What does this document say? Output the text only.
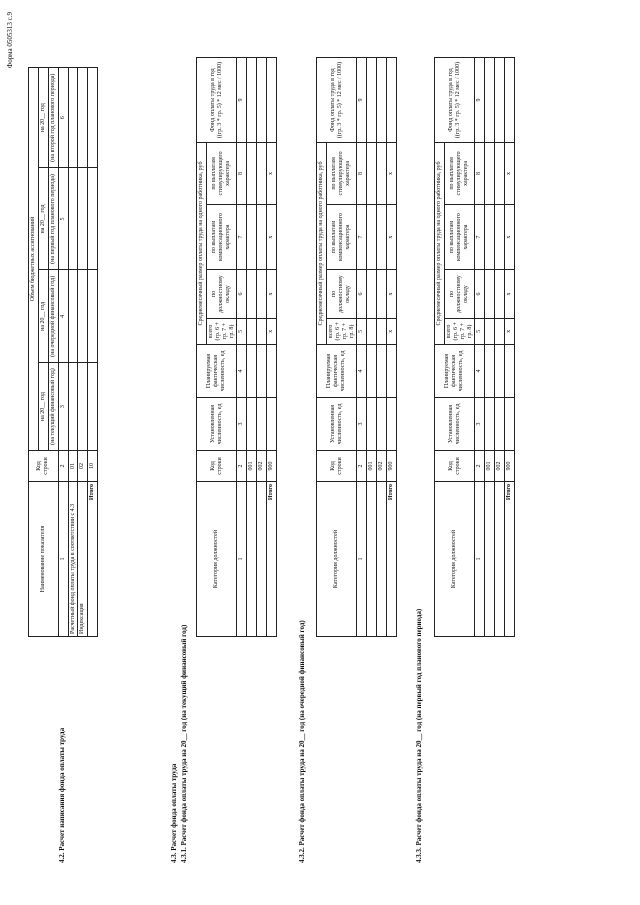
Форма 0505313 с.9
4.2. Расчет написания фонда оплаты труда
Наименование показателя	Код строки	Объем бюджетных ассигнований			
		на 20__ год	на 20__ год	на 20__ год	на 20__ год
		(на текущий финансовый год)	(на очередной финансовый год)	(на первый год планового периода)	(на второй год планового периода)
1	2	3	4	5	6
Расчетный фонд оплаты труда в соответствии с 4.3	01				
Индексация	02				
Итого	10				
4.3. Расчет фонда оплаты труда 4.3.1. Расчет фонда оплаты труда на 20__ год (на текущий финансовый год)
Категория должностей	Код строки	Установленная численность, ед	Планируемая фактическая численность, ед	Среднемесячный размер оплаты труда на одного работника, руб				Фонд оплаты труда в год
((гр. 3 * гр. 5) * 12 мес / 1000)
				всего
(гр. 6 + гр. 7 + гр. 8)	по должностному окладу	по выплатам компенсационного характера	по выплатам стимулирующего характера	
1	2	3	4	5	6	7	8	9
	001							
	002							
Итого	900			x	x	x	x	
4.3.2. Расчет фонда оплаты труда на 20__ год (на очередной финансовый год)
Категория должностей	Код строки	Установленная численность, ед	Планируемая фактическая численность, ед	Среднемесячный размер оплаты труда на одного работника, руб				Фонд оплаты труда в год
((гр. 3 * гр. 5) * 12 мес / 1000)
				всего
(гр. 6 + гр. 7 + гр. 8)	по должностному окладу	по выплатам компенсационного характера	по выплатам стимулирующего характера	
1	2	3	4	5	6	7	8	9
	001							
	002							
Итого	900			x	x	x	x	
4.3.3. Расчет фонда оплаты труда на 20__ год (на первый год планового периода)
Категория должностей	Код строки	Установленная численность, ед	Планируемая фактическая численность, ед	Среднемесячный размер оплаты труда на одного работника, руб				Фонд оплаты труда в год
((гр. 3 * гр. 5) * 12 мес / 1000)
				всего
(гр. 6 + гр. 7 + гр. 8)	по должностному окладу	по выплатам компенсационного характера	по выплатам стимулирующего характера	
1	2	3	4	5	6	7	8	9
	001							
	002							
Итого	900			x	x	x	x	
